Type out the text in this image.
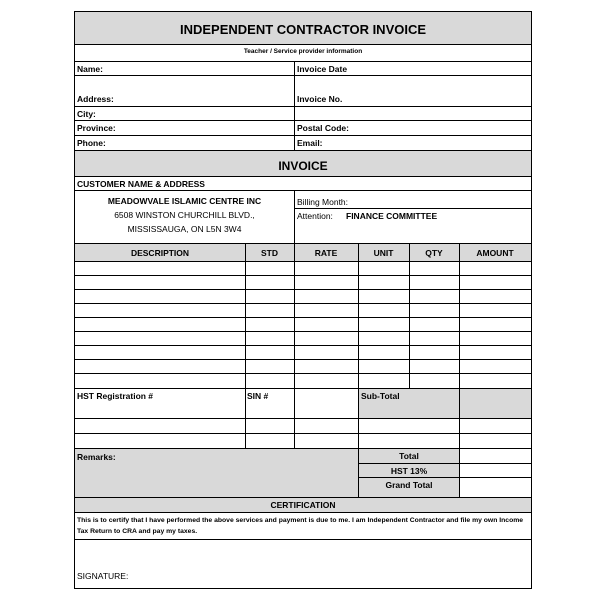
INDEPENDENT CONTRACTOR INVOICE
Teacher / Service provider information
Name:	Invoice Date
Address:	Invoice No.
City:
Province:	Postal Code:
Phone:	Email:
INVOICE
CUSTOMER NAME & ADDRESS
MEADOWVALE ISLAMIC CENTRE INC
6508 WINSTON CHURCHILL BLVD.,
MISSISSAUGA, ON L5N 3W4
Billing Month:
Attention: FINANCE COMMITTEE
DESCRIPTION	STD	RATE	UNIT	QTY	AMOUNT
HST Registration #	SIN #	Sub-Total
Remarks:	Total
HST 13%
Grand Total
CERTIFICATION
This is to certify that I have performed the above services and payment is due to me. I am Independent Contractor and file my own Income Tax Return to CRA and pay my taxes.
SIGNATURE:
